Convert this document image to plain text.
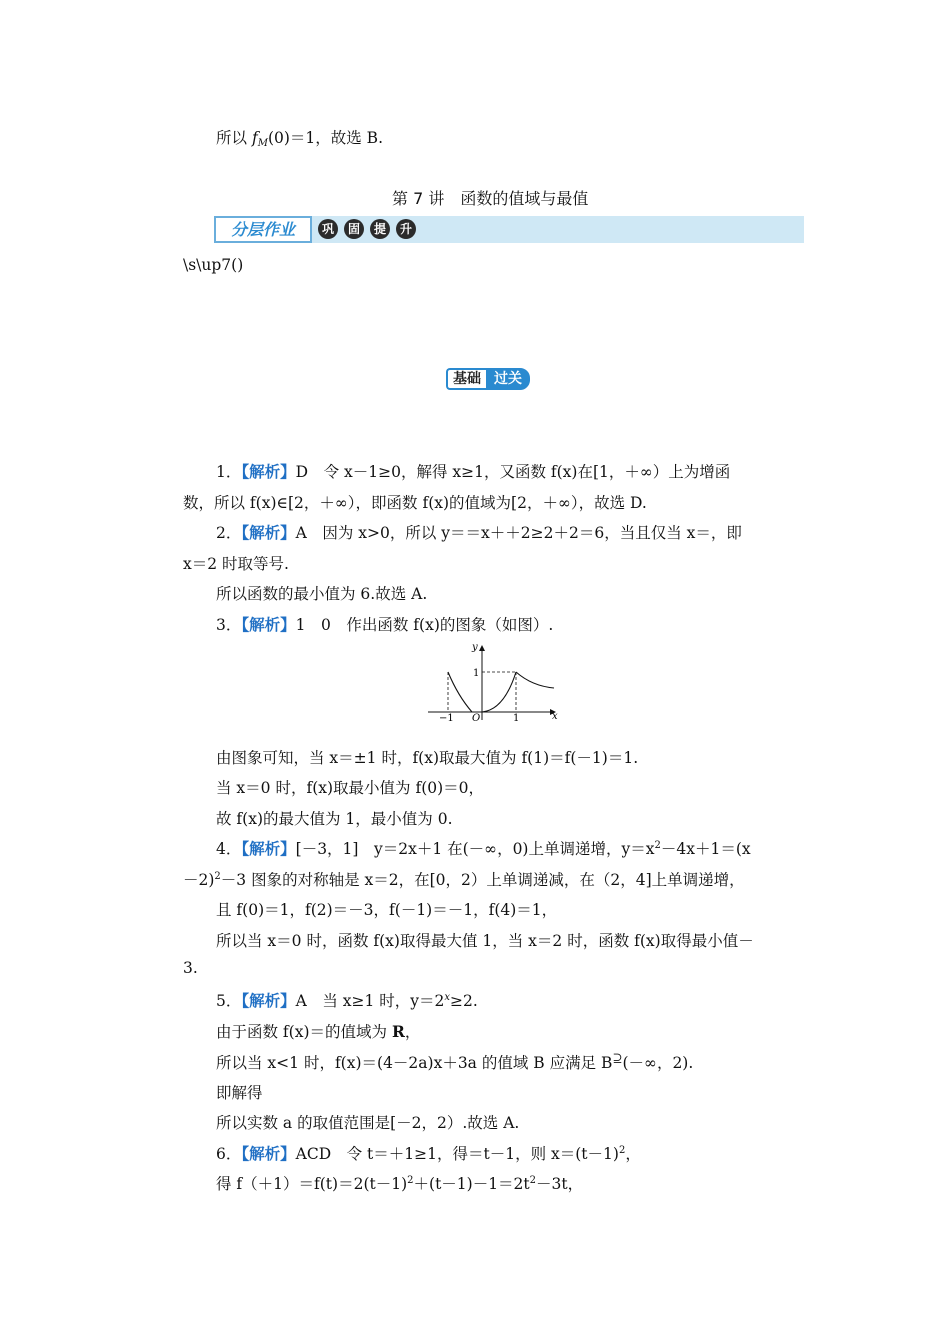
所以 $f_M(0)=1$，故选 B.
第 7 讲　函数的值域与最值
分层作业	巩	固	提	升
\s\up7()
基础 过关
1．【解析】D　令 x－1≥0，解得 x≥1，又函数 f(x)在[1，＋∞）上为增函
数，所以 f(x)∈[2，＋∞），即函数 f(x)的值域为[2，＋∞），故选 D.
2．【解析】A　因为 x>0，所以 y＝＝x＋＋2≥2＋2＝6，当且仅当 x＝，即
x＝2 时取等号.
所以函数的最小值为 6.故选 A.
3．【解析】1　0　作出函数 f(x)的图象（如图）.
y
x
O
1
−1	1
由图象可知，当 x＝±1 时，f(x)取最大值为 f(1)＝f(－1)＝1.
当 x＝0 时，f(x)取最小值为 f(0)＝0，
故 f(x)的最大值为 1，最小值为 0.
4．【解析】[－3，1]　y＝2x＋1 在(－∞，0)上单调递增，$y=x^2-4x+1=(x$
－2)$^2$－3 图象的对称轴是 x＝2，在[0，2）上单调递减，在（2，4]上单调递增，
且 f(0)＝1，f(2)＝－3，f(－1)＝－1，f(4)＝1，
所以当 x＝0 时，函数 f(x)取得最大值 1，当 x＝2 时，函数 f(x)取得最小值－
3.
5．【解析】A　当 x≥1 时，$y=2^x\ge 2$.
由于函数 f(x)＝的值域为 R，
所以当 x<1 时，f(x)＝(4－2a)x＋3a 的值域 B 应满足 B⊇(－∞，2).
即解得
所以实数 a 的取值范围是[－2，2）.故选 A.
6．【解析】ACD　令 t＝＋1≥1，得＝t－1，则 $x=(t-1)^2$，
得 $f(+1)=f(t)=2(t-1)^2+(t-1)-1=2t^2-3t$，
